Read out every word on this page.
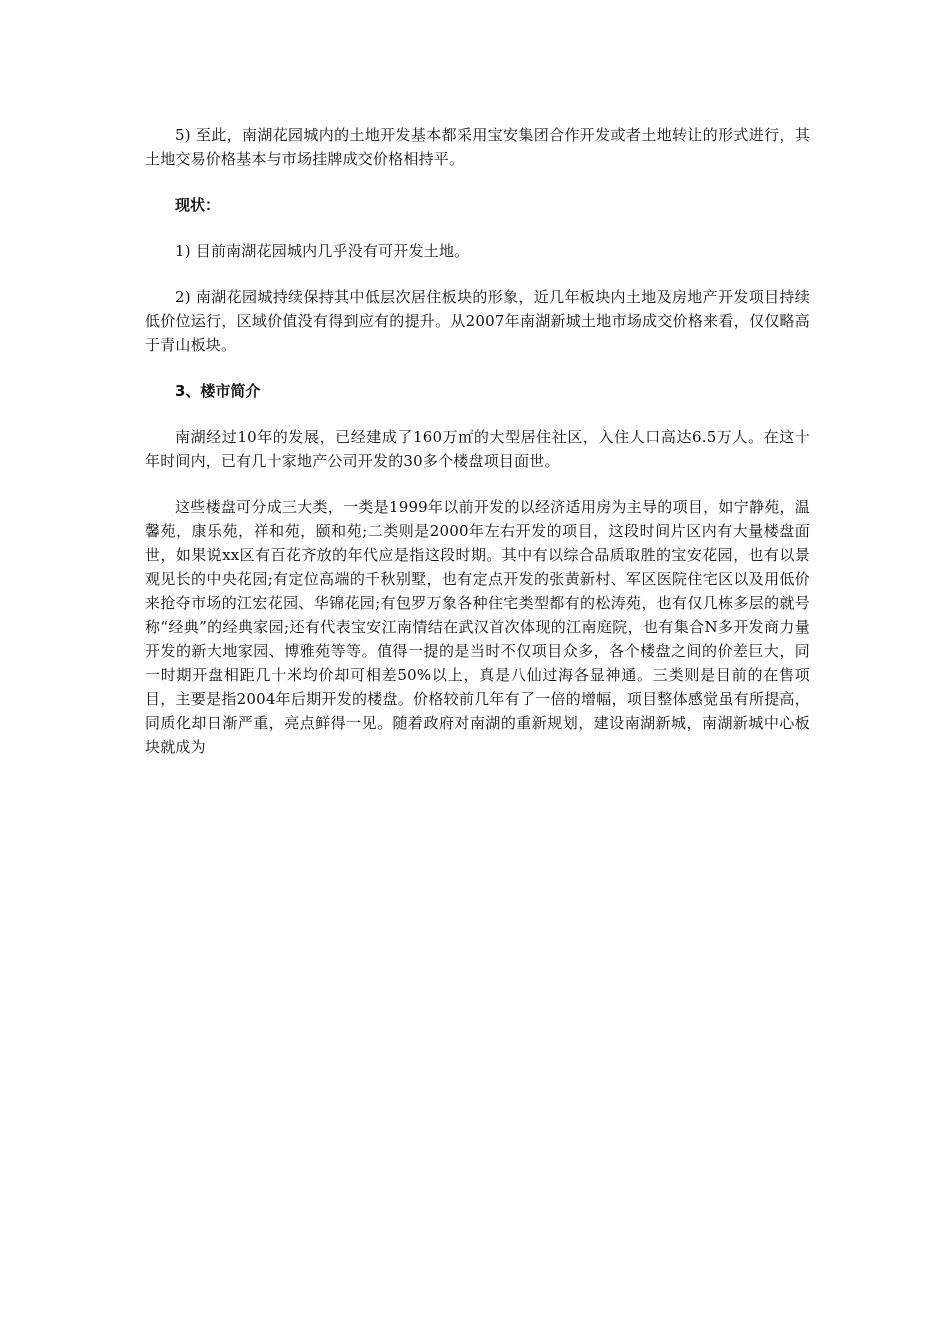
5) 至此，南湖花园城内的土地开发基本都采用宝安集团合作开发或者土地转让的形式进行，其土地交易价格基本与市场挂牌成交价格相持平。

现状：

1) 目前南湖花园城内几乎没有可开发土地。

2) 南湖花园城持续保持其中低层次居住板块的形象，近几年板块内土地及房地产开发项目持续低价位运行，区域价值没有得到应有的提升。从2007年南湖新城土地市场成交价格来看，仅仅略高于青山板块。

3、楼市简介

南湖经过10年的发展，已经建成了160万㎡的大型居住社区，入住人口高达6.5万人。在这十年时间内，已有几十家地产公司开发的30多个楼盘项目面世。

这些楼盘可分成三大类，一类是1999年以前开发的以经济适用房为主导的项目，如宁静苑，温馨苑，康乐苑，祥和苑，颐和苑;二类则是2000年左右开发的项目，这段时间片区内有大量楼盘面世，如果说xx区有百花齐放的年代应是指这段时期。其中有以综合品质取胜的宝安花园，也有以景观见长的中央花园;有定位高端的千秋别墅，也有定点开发的张黄新村、军区医院住宅区以及用低价来抢夺市场的江宏花园、华锦花园;有包罗万象各种住宅类型都有的松涛苑，也有仅几栋多层的就号称“经典”的经典家园;还有代表宝安江南情结在武汉首次体现的江南庭院，也有集合N多开发商力量开发的新大地家园、博雅苑等等。值得一提的是当时不仅项目众多，各个楼盘之间的价差巨大，同一时期开盘相距几十米均价却可相差50%以上，真是八仙过海各显神通。三类则是目前的在售项目，主要是指2004年后期开发的楼盘。价格较前几年有了一倍的增幅，项目整体感觉虽有所提高，同质化却日渐严重，亮点鲜得一见。随着政府对南湖的重新规划，建设南湖新城，南湖新城中心板块就成为
